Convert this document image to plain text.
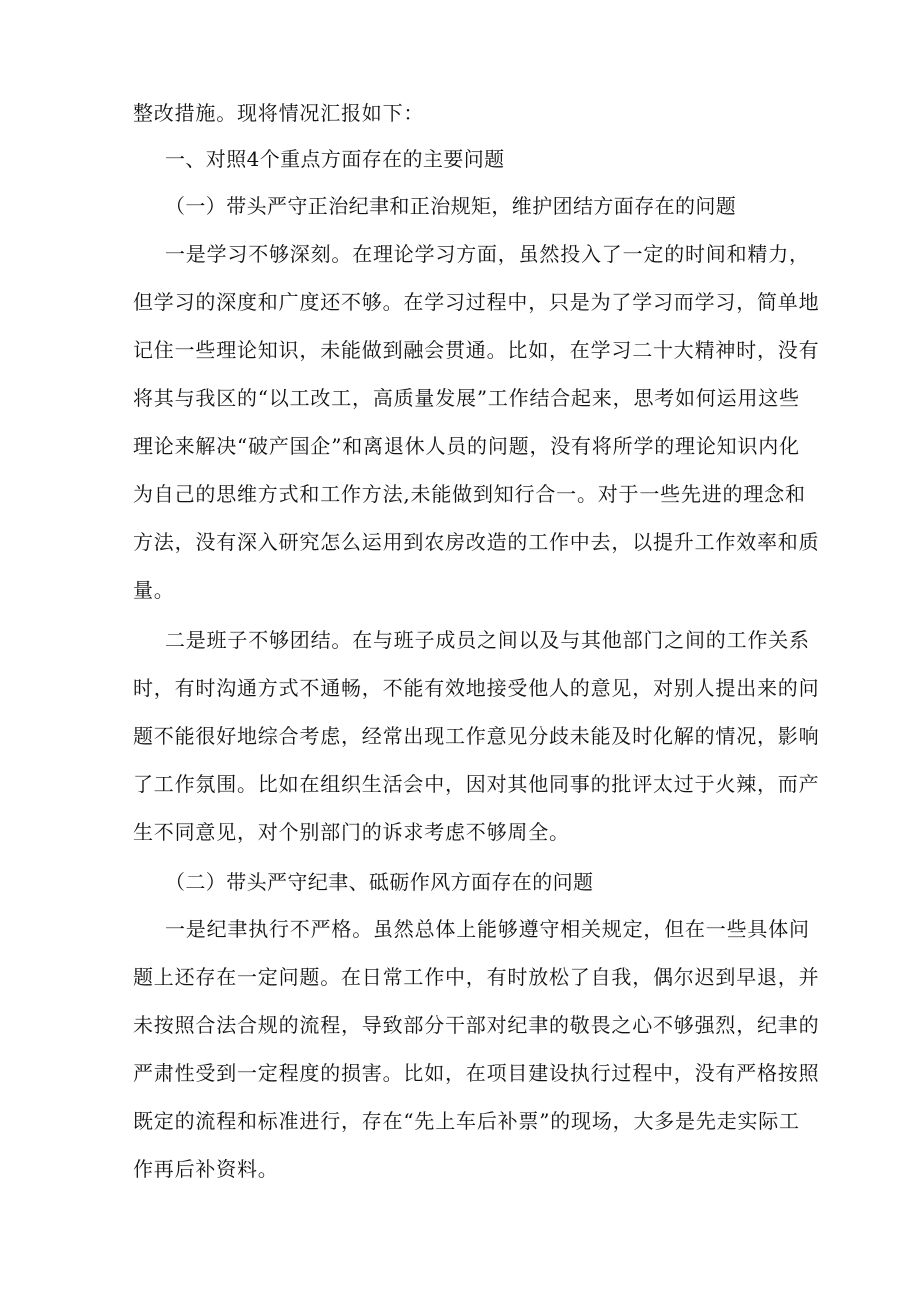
整改措施。现将情况汇报如下：
一、对照4个重点方面存在的主要问题
（一）带头严守正治纪聿和正治规矩，维护团结方面存在的问题
一是学习不够深刻。在理论学习方面，虽然投入了一定的时间和精力，
但学习的深度和广度还不够。在学习过程中，只是为了学习而学习，简单地
记住一些理论知识，未能做到融会贯通。比如，在学习二十大精神时，没有
将其与我区的“以工改工，高质量发展”工作结合起来，思考如何运用这些
理论来解决“破产国企”和离退休人员的问题，没有将所学的理论知识内化
为自己的思维方式和工作方法,未能做到知行合一。对于一些先进的理念和
方法，没有深入研究怎么运用到农房改造的工作中去，以提升工作效率和质
量。
二是班子不够团结。在与班子成员之间以及与其他部门之间的工作关系
时，有时沟通方式不通畅，不能有效地接受他人的意见，对别人提出来的问
题不能很好地综合考虑，经常出现工作意见分歧未能及时化解的情况，影响
了工作氛围。比如在组织生活会中，因对其他同事的批评太过于火辣，而产
生不同意见，对个别部门的诉求考虑不够周全。
（二）带头严守纪聿、砥砺作风方面存在的问题
一是纪聿执行不严格。虽然总体上能够遵守相关规定，但在一些具体问
题上还存在一定问题。在日常工作中，有时放松了自我，偶尔迟到早退，并
未按照合法合规的流程，导致部分干部对纪聿的敬畏之心不够强烈，纪聿的
严肃性受到一定程度的损害。比如，在项目建设执行过程中，没有严格按照
既定的流程和标准进行，存在“先上车后补票”的现场，大多是先走实际工
作再后补资料。
